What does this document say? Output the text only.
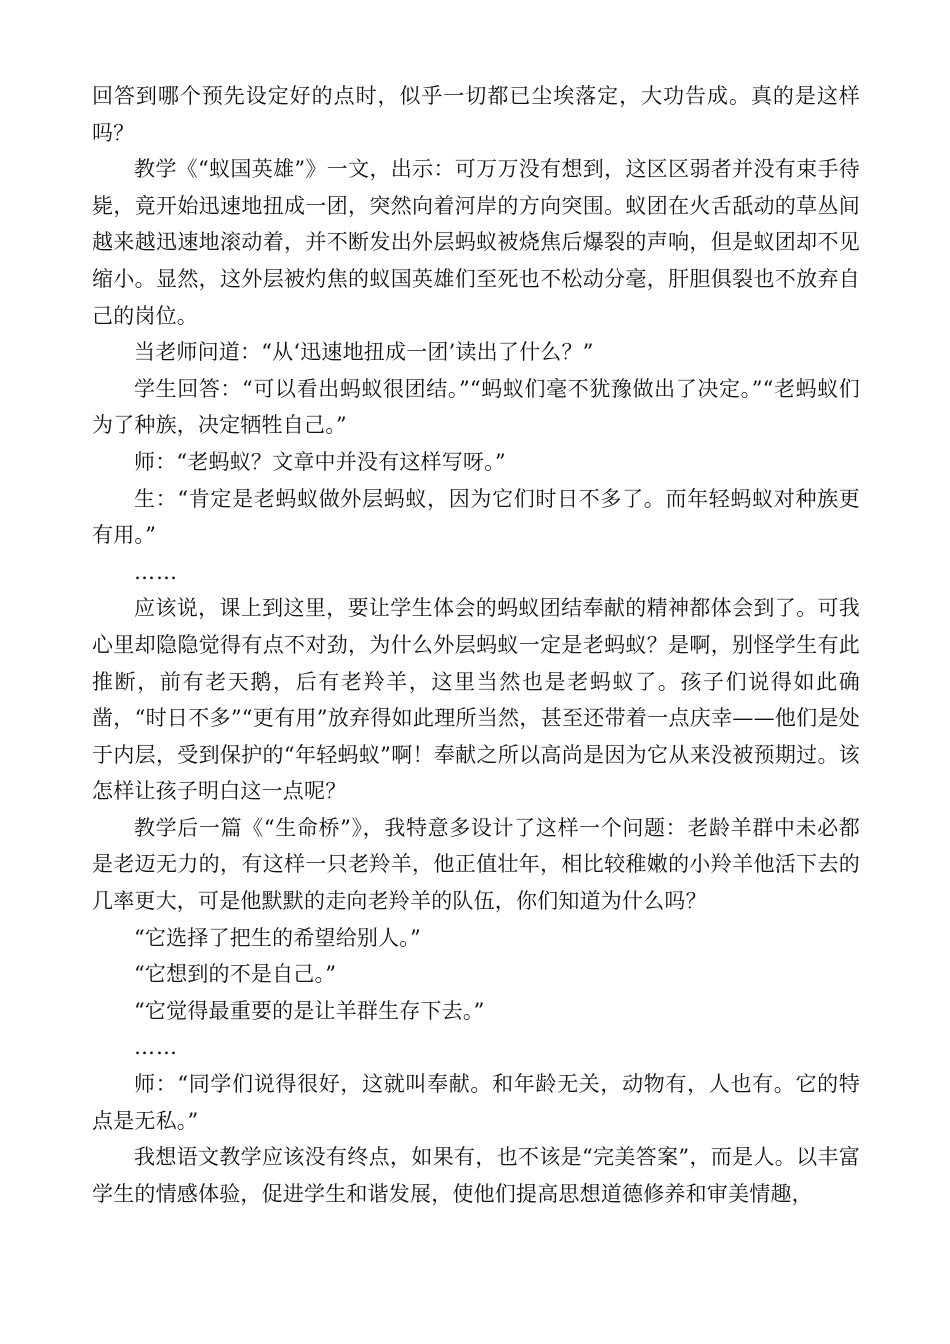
回答到哪个预先设定好的点时，似乎一切都已尘埃落定，大功告成。真的是这样吗？

教学《“蚁国英雄”》一文，出示：可万万没有想到，这区区弱者并没有束手待毙，竟开始迅速地扭成一团，突然向着河岸的方向突围。蚁团在火舌舐动的草丛间越来越迅速地滚动着，并不断发出外层蚂蚁被烧焦后爆裂的声响，但是蚁团却不见缩小。显然，这外层被灼焦的蚁国英雄们至死也不松动分毫，肝胆俱裂也不放弃自己的岗位。

当老师问道：“从‘迅速地扭成一团’读出了什么？”

学生回答：“可以看出蚂蚁很团结。”“蚂蚁们毫不犹豫做出了决定。”“老蚂蚁们为了种族，决定牺牲自己。”

师：“老蚂蚁？文章中并没有这样写呀。”

生：“肯定是老蚂蚁做外层蚂蚁，因为它们时日不多了。而年轻蚂蚁对种族更有用。”

……

应该说，课上到这里，要让学生体会的蚂蚁团结奉献的精神都体会到了。可我心里却隐隐觉得有点不对劲，为什么外层蚂蚁一定是老蚂蚁？是啊，别怪学生有此推断，前有老天鹅，后有老羚羊，这里当然也是老蚂蚁了。孩子们说得如此确凿，“时日不多”“更有用”放弃得如此理所当然，甚至还带着一点庆幸——他们是处于内层，受到保护的“年轻蚂蚁”啊！奉献之所以高尚是因为它从来没被预期过。该怎样让孩子明白这一点呢？

教学后一篇《“生命桥”》，我特意多设计了这样一个问题：老龄羊群中未必都是老迈无力的，有这样一只老羚羊，他正值壮年，相比较稚嫩的小羚羊他活下去的几率更大，可是他默默的走向老羚羊的队伍，你们知道为什么吗？

“它选择了把生的希望给别人。”

“它想到的不是自己。”

“它觉得最重要的是让羊群生存下去。”

……

师：“同学们说得很好，这就叫奉献。和年龄无关，动物有，人也有。它的特点是无私。”

我想语文教学应该没有终点，如果有，也不该是“完美答案”，而是人。以丰富学生的情感体验，促进学生和谐发展，使他们提高思想道德修养和审美情趣，
